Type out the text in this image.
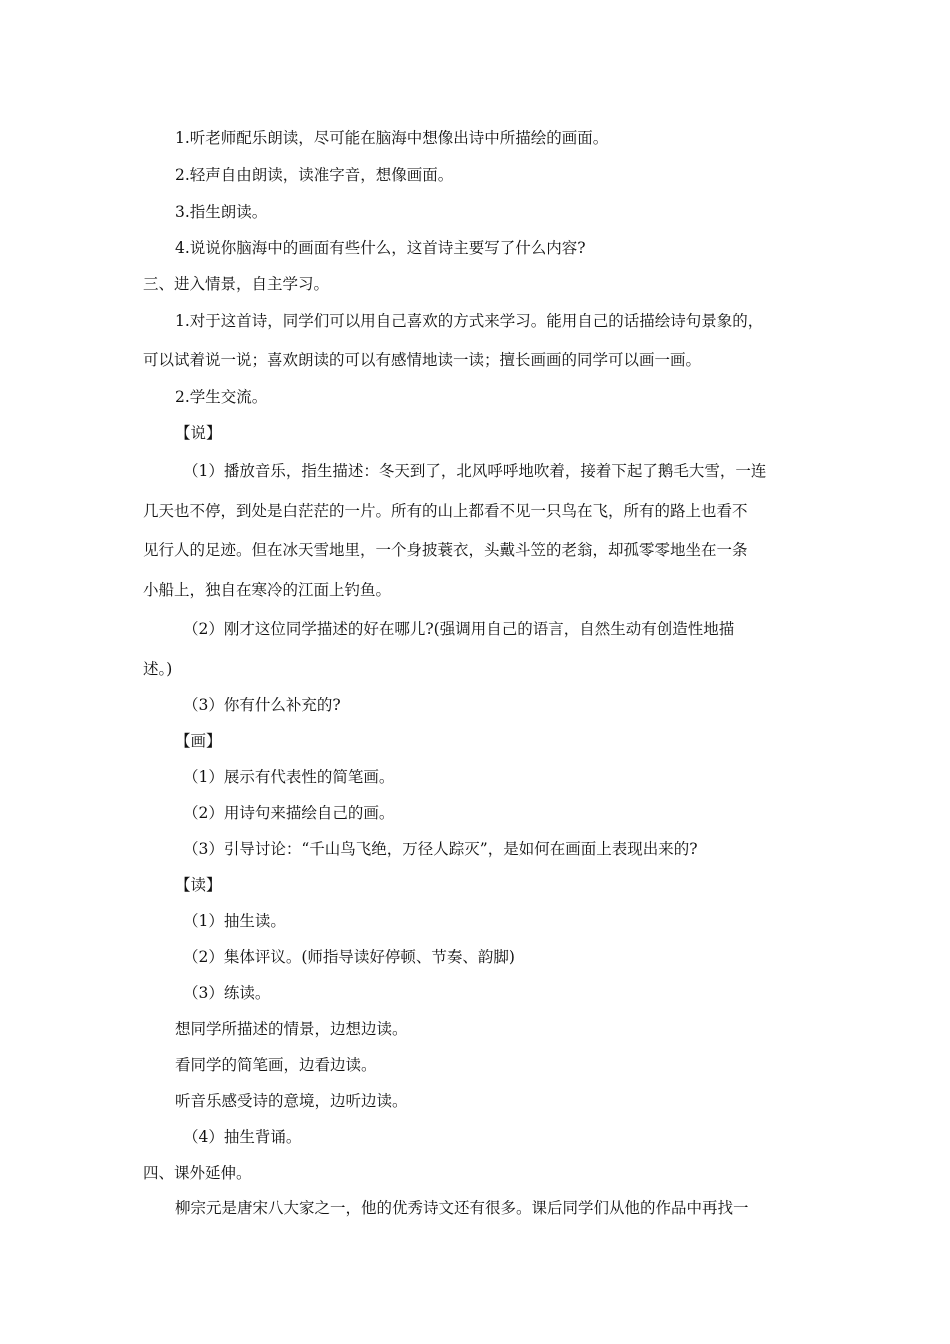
1.听老师配乐朗读，尽可能在脑海中想像出诗中所描绘的画面。
2.轻声自由朗读，读准字音，想像画面。
3.指生朗读。
4.说说你脑海中的画面有些什么，这首诗主要写了什么内容?
三、进入情景，自主学习。
1.对于这首诗，同学们可以用自己喜欢的方式来学习。能用自己的话描绘诗句景象的，
可以试着说一说；喜欢朗读的可以有感情地读一读；擅长画画的同学可以画一画。
2.学生交流。
【说】
（1）播放音乐，指生描述：冬天到了，北风呼呼地吹着，接着下起了鹅毛大雪，一连
几天也不停，到处是白茫茫的一片。所有的山上都看不见一只鸟在飞，所有的路上也看不
见行人的足迹。但在冰天雪地里，一个身披蓑衣，头戴斗笠的老翁，却孤零零地坐在一条
小船上，独自在寒冷的江面上钓鱼。
（2）刚才这位同学描述的好在哪儿?(强调用自己的语言，自然生动有创造性地描
述。)
（3）你有什么补充的?
【画】
（1）展示有代表性的简笔画。
（2）用诗句来描绘自己的画。
（3）引导讨论：“千山鸟飞绝，万径人踪灭”，是如何在画面上表现出来的?
【读】
（1）抽生读。
（2）集体评议。(师指导读好停顿、节奏、韵脚)
（3）练读。
想同学所描述的情景，边想边读。
看同学的简笔画，边看边读。
听音乐感受诗的意境，边听边读。
（4）抽生背诵。
四、课外延伸。
柳宗元是唐宋八大家之一，他的优秀诗文还有很多。课后同学们从他的作品中再找一
